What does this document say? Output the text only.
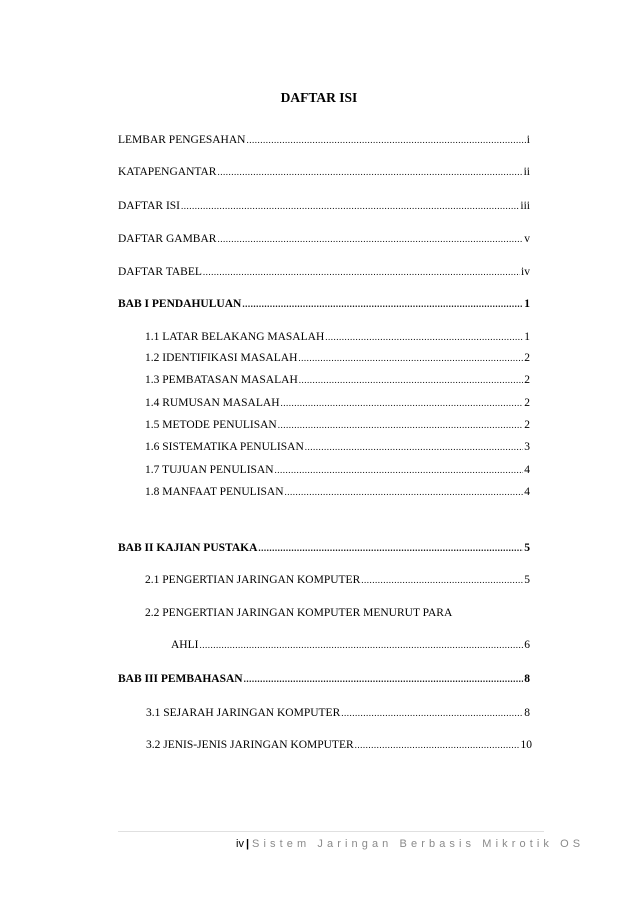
DAFTAR ISI
LEMBAR PENGESAHAN .....	i
KATAPENGANTAR .....	ii
DAFTAR ISI .....	iii
DAFTAR GAMBAR .....	v
DAFTAR TABEL .....	iv
BAB I PENDAHULUAN .....	1
1.1 LATAR BELAKANG MASALAH .....	1
1.2 IDENTIFIKASI MASALAH .....	2
1.3 PEMBATASAN MASALAH .....	2
1.4 RUMUSAN MASALAH .....	2
1.5 METODE PENULISAN .....	2
1.6 SISTEMATIKA PENULISAN .....	3
1.7 TUJUAN PENULISAN .....	4
1.8 MANFAAT PENULISAN .....	4
BAB II KAJIAN PUSTAKA .....	5
2.1 PENGERTIAN JARINGAN KOMPUTER .....	5
2.2 PENGERTIAN JARINGAN KOMPUTER MENURUT PARA
AHLI .....	6
BAB III PEMBAHASAN .....	8
3.1 SEJARAH JARINGAN KOMPUTER .....	8
3.2 JENIS-JENIS JARINGAN KOMPUTER .....	10
iv | Sistem Jaringan Berbasis Mikrotik OS
